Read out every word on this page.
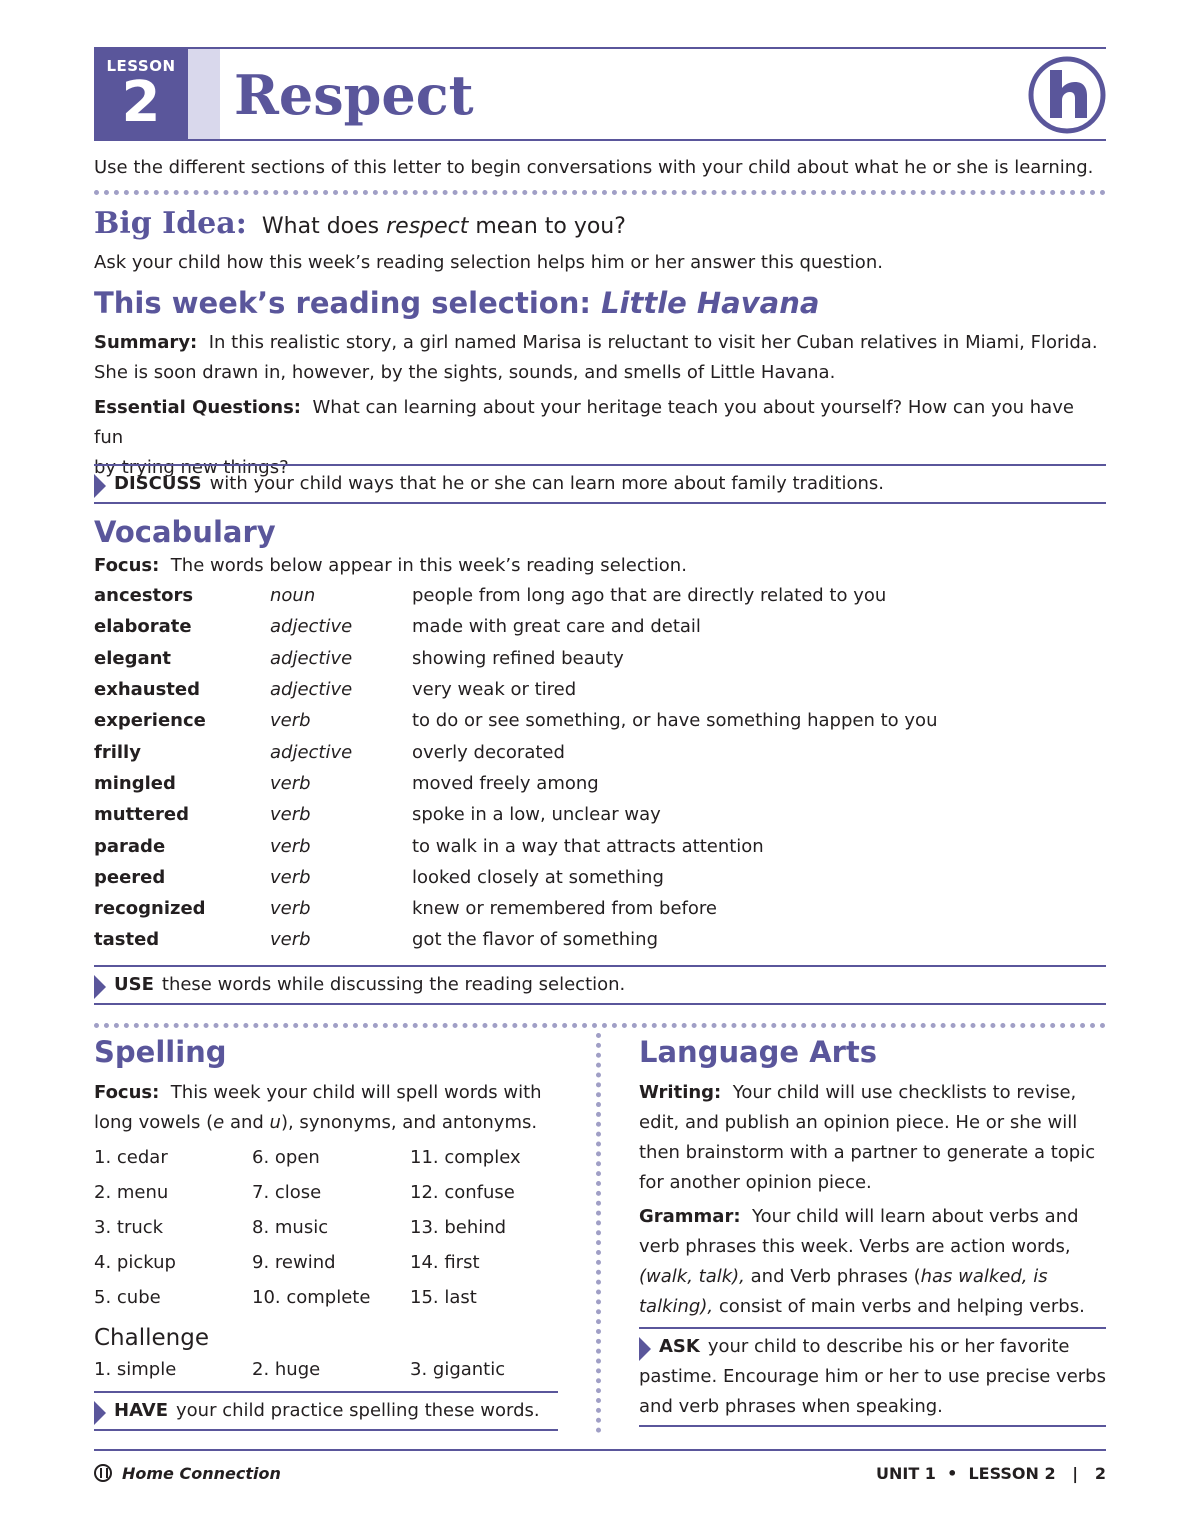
LESSON
2	Respect

Use the different sections of this letter to begin conversations with your child about what he or she is learning.

Big Idea: What does respect mean to you?

Ask your child how this week’s reading selection helps him or her answer this question.

This week’s reading selection: Little Havana
Summary: In this realistic story, a girl named Marisa is reluctant to visit her Cuban relatives in Miami, Florida.
She is soon drawn in, however, by the sights, sounds, and smells of Little Havana.
Essential Questions: What can learning about your heritage teach you about yourself? How can you have fun
by trying new things?
DISCUSS with your child ways that he or she can learn more about family traditions.
Vocabulary

Focus: The words below appear in this week’s reading selection.

ancestors	noun	people from long ago that are directly related to you
elaborate	adjective	made with great care and detail
elegant	adjective	showing refined beauty
exhausted	adjective	very weak or tired
experience	verb	to do or see something, or have something happen to you
frilly	adjective	overly decorated
mingled	verb	moved freely among
muttered	verb	spoke in a low, unclear way
parade	verb	to walk in a way that attracts attention
peered	verb	looked closely at something
recognized	verb	knew or remembered from before
tasted	verb	got the flavor of something
USE these words while discussing the reading selection.
Spelling
Focus: This week your child will spell words with
long vowels (e and u), synonyms, and antonyms.
1. cedar	6. open	11. complex
2. menu	7. close	12. confuse
3. truck	8. music	13. behind
4. pickup	9. rewind	14. first
5. cube	10. complete	15. last
Challenge
1. simple	2. huge	3. gigantic
HAVE your child practice spelling these words.
Language Arts
Writing: Your child will use checklists to revise,
edit, and publish an opinion piece. He or she will
then brainstorm with a partner to generate a topic
for another opinion piece.
Grammar: Your child will learn about verbs and
verb phrases this week. Verbs are action words,
(walk, talk), and Verb phrases (has walked, is
talking), consist of main verbs and helping verbs.
ASK your child to describe his or her favorite
pastime. Encourage him or her to use precise verbs
and verb phrases when speaking.
Home Connection	UNIT 1  •  LESSON 2   |   2
